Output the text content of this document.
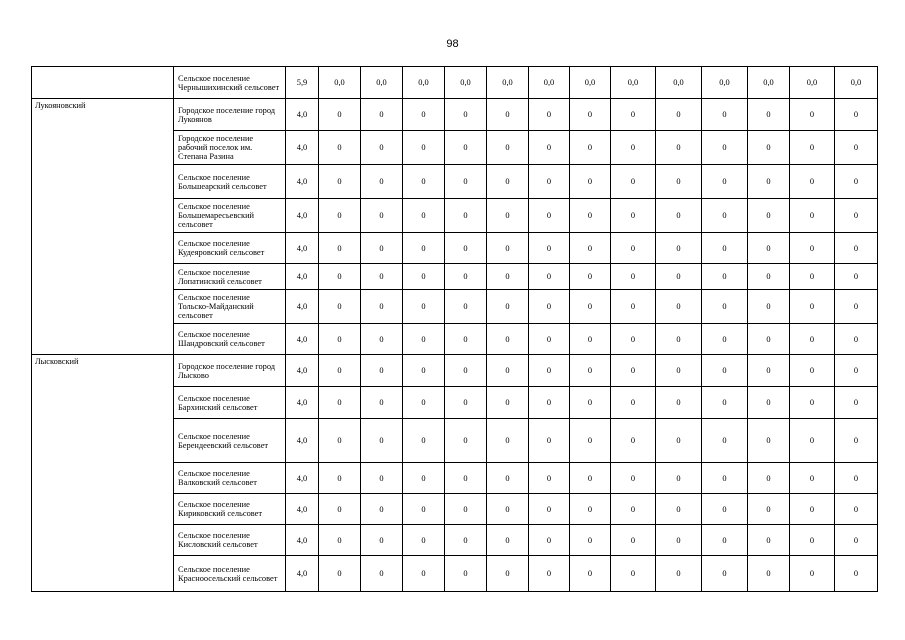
98
	Сельское поселение Чернышихинский сельсовет	5,9	0,0	0,0	0,0	0,0	0,0	0,0	0,0	0,0	0,0	0,0	0,0	0,0	0,0
Лукояновский	Городское поселение город Лукоянов	4,0	0	0	0	0	0	0	0	0	0	0	0	0	0
	Городское поселение рабочий поселок им. Степана Разина	4,0	0	0	0	0	0	0	0	0	0	0	0	0	0
	Сельское поселение Большеарский сельсовет	4,0	0	0	0	0	0	0	0	0	0	0	0	0	0
	Сельское поселение Большемаресьевский сельсовет	4,0	0	0	0	0	0	0	0	0	0	0	0	0	0
	Сельское поселение Кудеяровский сельсовет	4,0	0	0	0	0	0	0	0	0	0	0	0	0	0
	Сельское поселение Лопатинский сельсовет	4,0	0	0	0	0	0	0	0	0	0	0	0	0	0
	Сельское поселение Тольско-Майданский сельсовет	4,0	0	0	0	0	0	0	0	0	0	0	0	0	0
	Сельское поселение Шандровский сельсовет	4,0	0	0	0	0	0	0	0	0	0	0	0	0	0
Лысковский	Городское поселение город Лысково	4,0	0	0	0	0	0	0	0	0	0	0	0	0	0
	Сельское поселение Бархинский сельсовет	4,0	0	0	0	0	0	0	0	0	0	0	0	0	0
	Сельское поселение Берендеевский сельсовет	4,0	0	0	0	0	0	0	0	0	0	0	0	0	0
	Сельское поселение Валковский сельсовет	4,0	0	0	0	0	0	0	0	0	0	0	0	0	0
	Сельское поселение Кириковский сельсовет	4,0	0	0	0	0	0	0	0	0	0	0	0	0	0
	Сельское поселение Кисловский сельсовет	4,0	0	0	0	0	0	0	0	0	0	0	0	0	0
	Сельское поселение Красноосельский сельсовет	4,0	0	0	0	0	0	0	0	0	0	0	0	0	0
